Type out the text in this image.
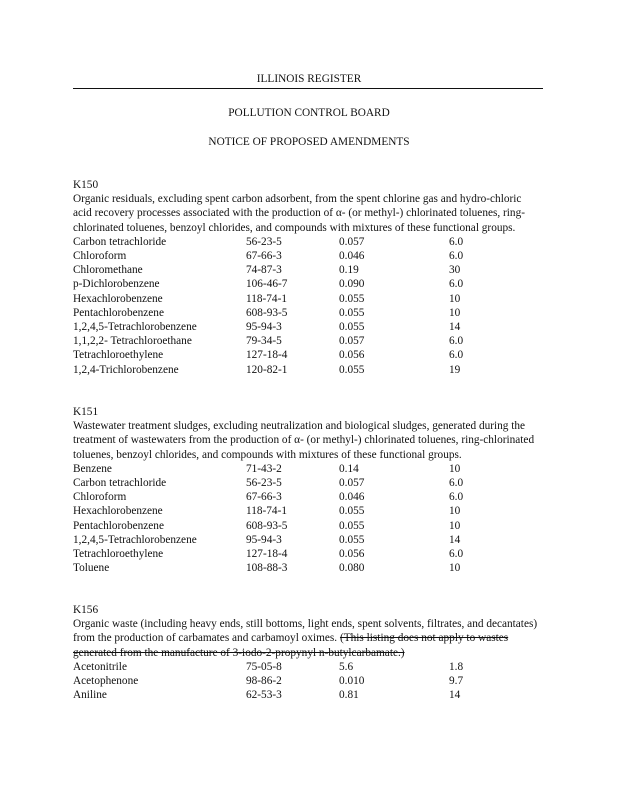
ILLINOIS REGISTER
POLLUTION CONTROL BOARD
NOTICE OF PROPOSED AMENDMENTS

K150

Organic residuals, excluding spent carbon adsorbent, from the spent chlorine gas and hydro-chloric acid recovery processes associated with the production of α- (or methyl-) chlorinated toluenes, ring-chlorinated toluenes, benzoyl chlorides, and compounds with mixtures of these functional groups.

Carbon tetrachloride	56-23-5	0.057	6.0
Chloroform	67-66-3	0.046	6.0
Chloromethane	74-87-3	0.19	30
p-Dichlorobenzene	106-46-7	0.090	6.0
Hexachlorobenzene	118-74-1	0.055	10
Pentachlorobenzene	608-93-5	0.055	10
1,2,4,5-Tetrachlorobenzene	95-94-3	0.055	14
1,1,2,2- Tetrachloroethane	79-34-5	0.057	6.0
Tetrachloroethylene	127-18-4	0.056	6.0
1,2,4-Trichlorobenzene	120-82-1	0.055	19

K151

Wastewater treatment sludges, excluding neutralization and biological sludges, generated during the treatment of wastewaters from the production of α- (or methyl-) chlorinated toluenes, ring-chlorinated toluenes, benzoyl chlorides, and compounds with mixtures of these functional groups.

Benzene	71-43-2	0.14	10
Carbon tetrachloride	56-23-5	0.057	6.0
Chloroform	67-66-3	0.046	6.0
Hexachlorobenzene	118-74-1	0.055	10
Pentachlorobenzene	608-93-5	0.055	10
1,2,4,5-Tetrachlorobenzene	95-94-3	0.055	14
Tetrachloroethylene	127-18-4	0.056	6.0
Toluene	108-88-3	0.080	10

K156

Organic waste (including heavy ends, still bottoms, light ends, spent solvents, filtrates, and decantates) from the production of carbamates and carbamoyl oximes. (This listing does not apply to wastes generated from the manufacture of 3-iodo-2-propynyl n-butylcarbamate.)

Acetonitrile	75-05-8	5.6	1.8
Acetophenone	98-86-2	0.010	9.7
Aniline	62-53-3	0.81	14
